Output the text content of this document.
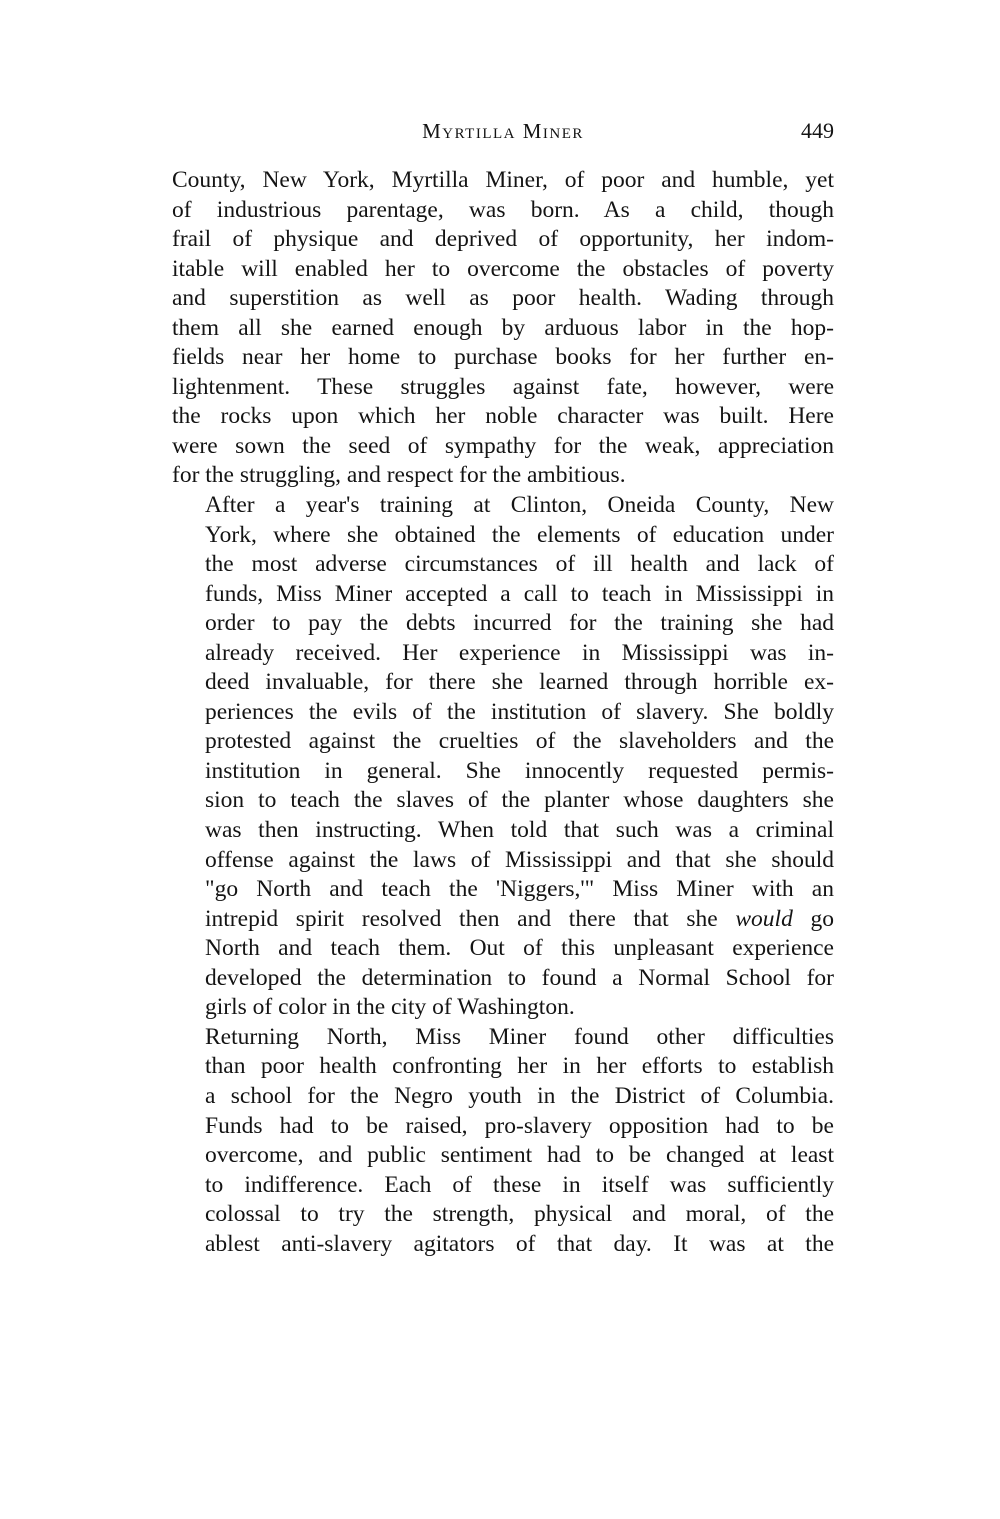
Myrtilla Miner	449

County, New York, Myrtilla Miner, of poor and humble, yet
of industrious parentage, was born. As a child, though
frail of physique and deprived of opportunity, her indom-
itable will enabled her to overcome the obstacles of poverty
and superstition as well as poor health. Wading through
them all she earned enough by arduous labor in the hop-
fields near her home to purchase books for her further en-
lightenment. These struggles against fate, however, were
the rocks upon which her noble character was built. Here
were sown the seed of sympathy for the weak, appreciation
for the struggling, and respect for the ambitious.

After a year's training at Clinton, Oneida County, New
York, where she obtained the elements of education under
the most adverse circumstances of ill health and lack of
funds, Miss Miner accepted a call to teach in Mississippi in
order to pay the debts incurred for the training she had
already received. Her experience in Mississippi was in-
deed invaluable, for there she learned through horrible ex-
periences the evils of the institution of slavery. She boldly
protested against the cruelties of the slaveholders and the
institution in general. She innocently requested permis-
sion to teach the slaves of the planter whose daughters she
was then instructing. When told that such was a criminal
offense against the laws of Mississippi and that she should
"go North and teach the 'Niggers,'" Miss Miner with an
intrepid spirit resolved then and there that she would go
North and teach them. Out of this unpleasant experience
developed the determination to found a Normal School for
girls of color in the city of Washington.

Returning North, Miss Miner found other difficulties
than poor health confronting her in her efforts to establish
a school for the Negro youth in the District of Columbia.
Funds had to be raised, pro-slavery opposition had to be
overcome, and public sentiment had to be changed at least
to indifference. Each of these in itself was sufficiently
colossal to try the strength, physical and moral, of the
ablest anti-slavery agitators of that day. It was at the
